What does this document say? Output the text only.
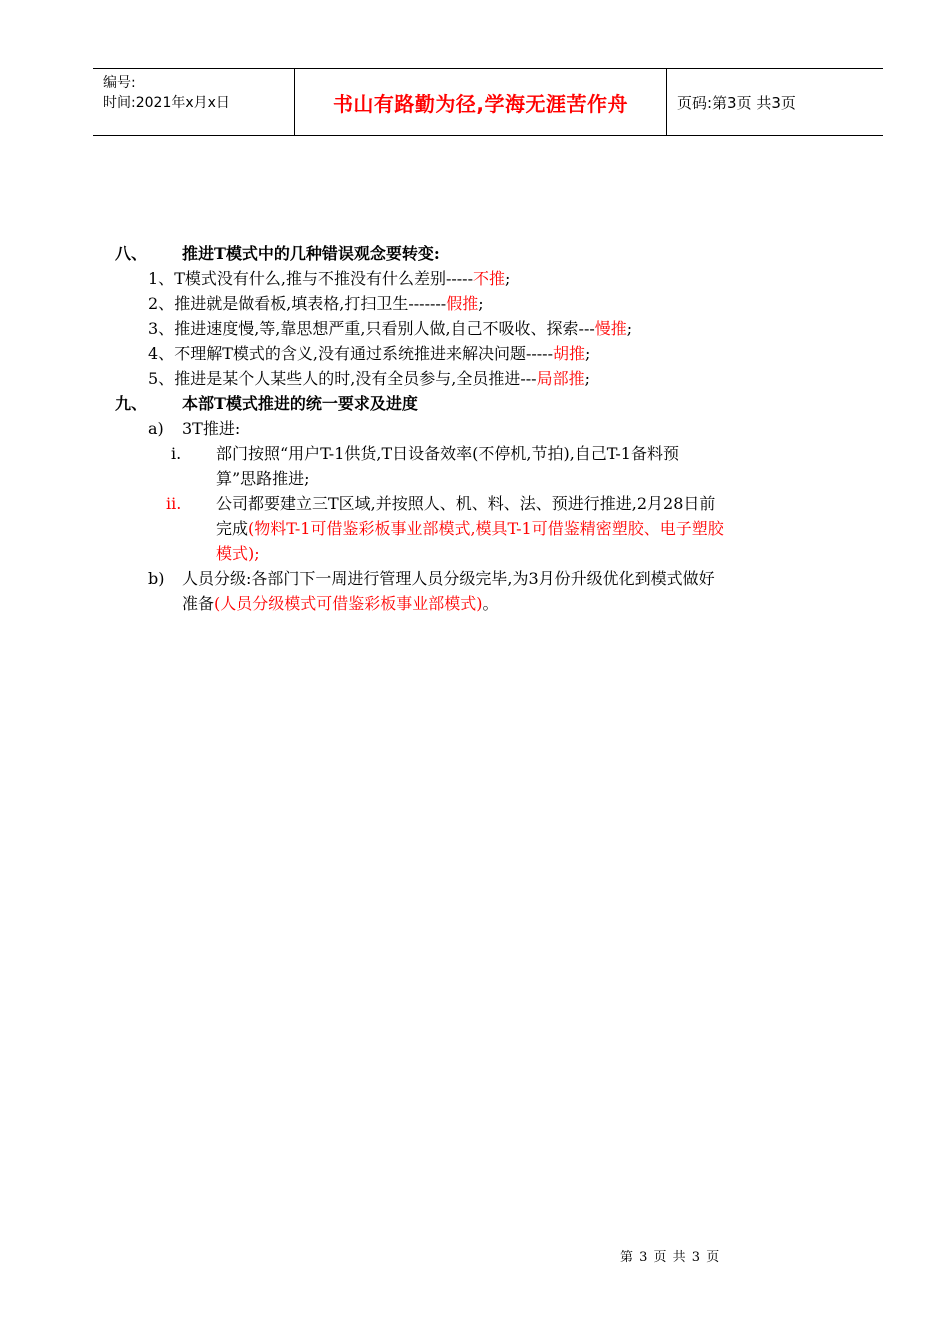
编号:
时间:2021年x月x日	书山有路勤为径,学海无涯苦作舟	页码:第3页 共3页
八、 推进T模式中的几种错误观念要转变:
1、T模式没有什么,推与不推没有什么差别-----不推;
2、推进就是做看板,填表格,打扫卫生-------假推;
3、推进速度慢,等,靠思想严重,只看别人做,自己不吸收、探索---慢推;
4、不理解T模式的含义,没有通过系统推进来解决问题-----胡推;
5、推进是某个人某些人的时,没有全员参与,全员推进---局部推;
九、 本部T模式推进的统一要求及进度
a) 3T推进:
i. 部门按照“用户T-1供货,T日设备效率(不停机,节拍),自己T-1备料预
算”思路推进;
ii. 公司都要建立三T区域,并按照人、机、料、法、预进行推进,2月28日前
完成(物料T-1可借鉴彩板事业部模式,模具T-1可借鉴精密塑胶、电子塑胶
模式);
b) 人员分级:各部门下一周进行管理人员分级完毕,为3月份升级优化到模式做好
准备(人员分级模式可借鉴彩板事业部模式)。
第 3 页 共 3 页
